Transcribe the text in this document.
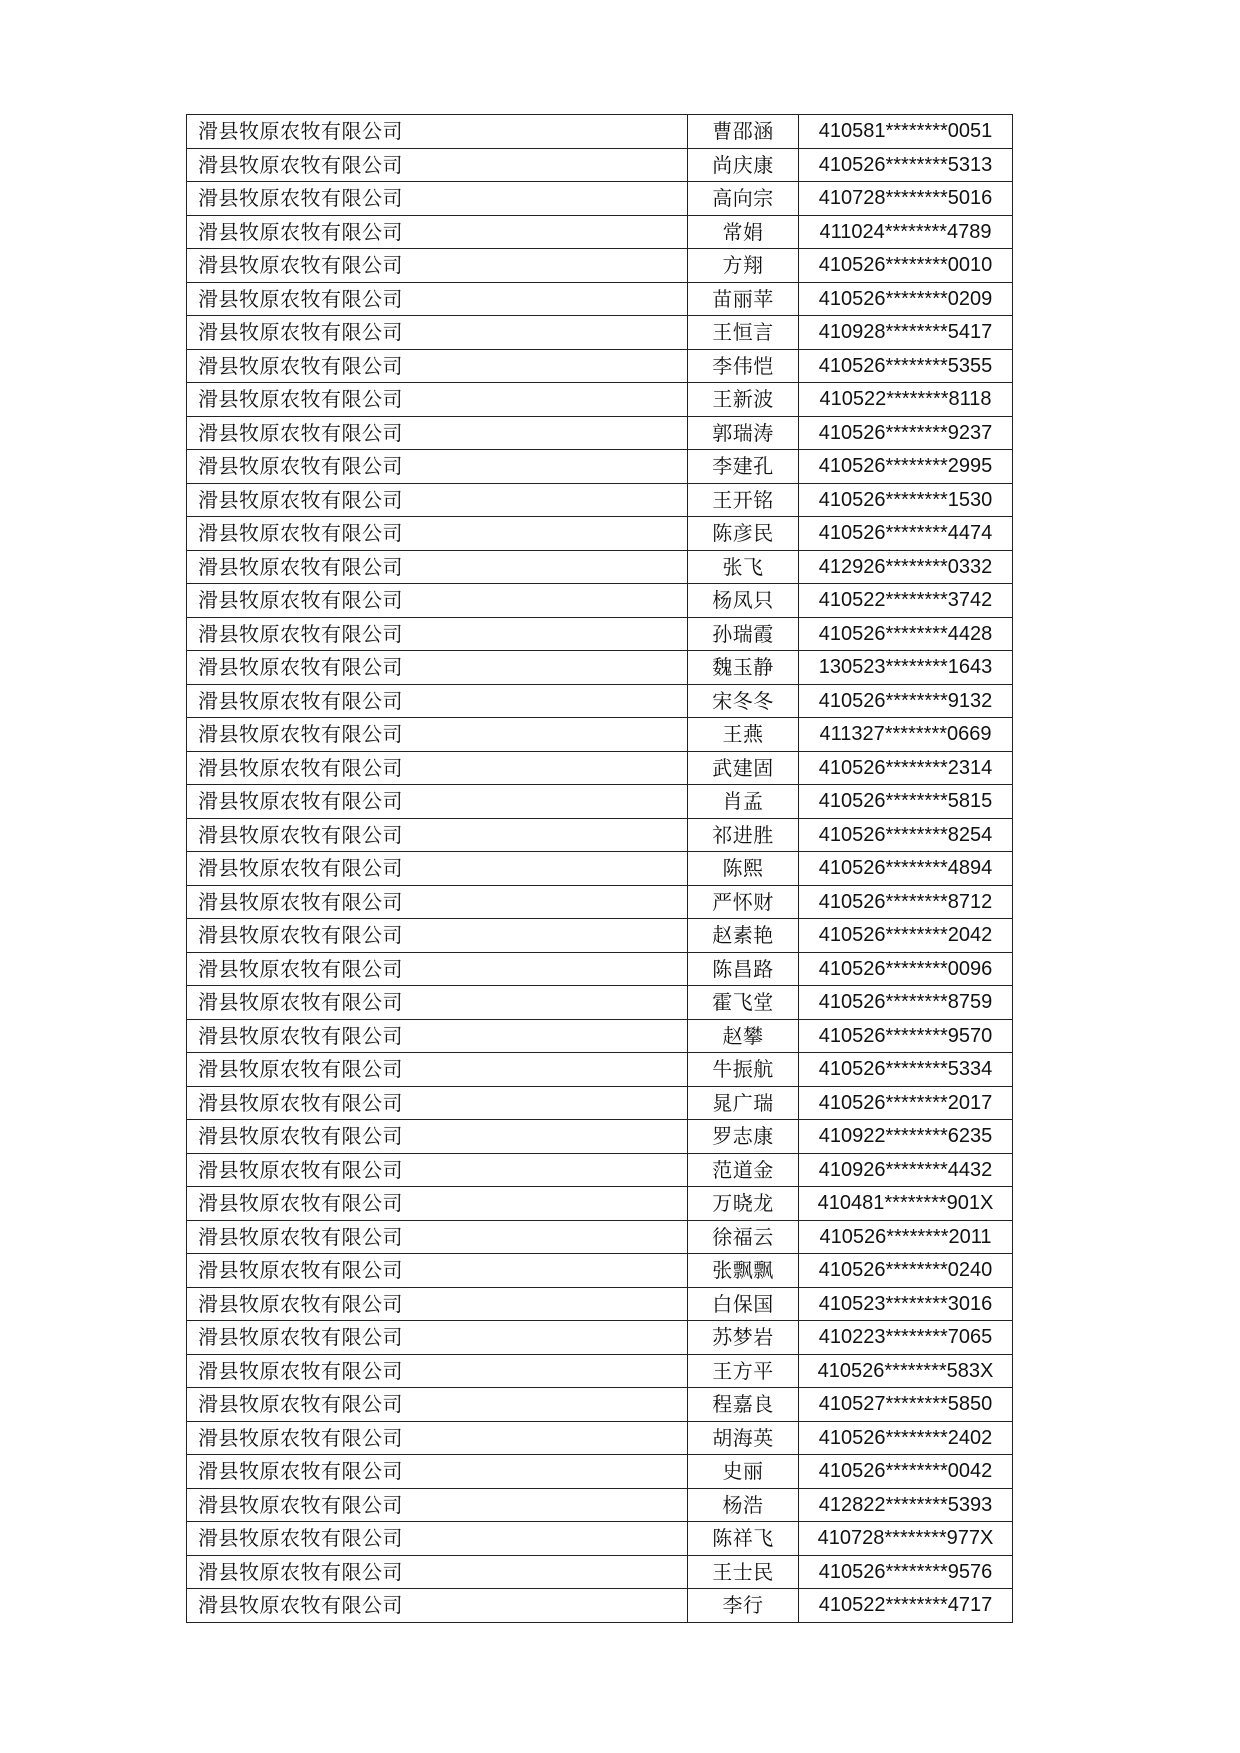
滑县牧原农牧有限公司	曹邵涵	410581********0051
滑县牧原农牧有限公司	尚庆康	410526********5313
滑县牧原农牧有限公司	高向宗	410728********5016
滑县牧原农牧有限公司	常娟	411024********4789
滑县牧原农牧有限公司	方翔	410526********0010
滑县牧原农牧有限公司	苗丽苹	410526********0209
滑县牧原农牧有限公司	王恒言	410928********5417
滑县牧原农牧有限公司	李伟恺	410526********5355
滑县牧原农牧有限公司	王新波	410522********8118
滑县牧原农牧有限公司	郭瑞涛	410526********9237
滑县牧原农牧有限公司	李建孔	410526********2995
滑县牧原农牧有限公司	王开铭	410526********1530
滑县牧原农牧有限公司	陈彦民	410526********4474
滑县牧原农牧有限公司	张飞	412926********0332
滑县牧原农牧有限公司	杨凤只	410522********3742
滑县牧原农牧有限公司	孙瑞霞	410526********4428
滑县牧原农牧有限公司	魏玉静	130523********1643
滑县牧原农牧有限公司	宋冬冬	410526********9132
滑县牧原农牧有限公司	王燕	411327********0669
滑县牧原农牧有限公司	武建固	410526********2314
滑县牧原农牧有限公司	肖孟	410526********5815
滑县牧原农牧有限公司	祁进胜	410526********8254
滑县牧原农牧有限公司	陈熙	410526********4894
滑县牧原农牧有限公司	严怀财	410526********8712
滑县牧原农牧有限公司	赵素艳	410526********2042
滑县牧原农牧有限公司	陈昌路	410526********0096
滑县牧原农牧有限公司	霍飞堂	410526********8759
滑县牧原农牧有限公司	赵攀	410526********9570
滑县牧原农牧有限公司	牛振航	410526********5334
滑县牧原农牧有限公司	晁广瑞	410526********2017
滑县牧原农牧有限公司	罗志康	410922********6235
滑县牧原农牧有限公司	范道金	410926********4432
滑县牧原农牧有限公司	万晓龙	410481********901X
滑县牧原农牧有限公司	徐福云	410526********2011
滑县牧原农牧有限公司	张飘飘	410526********0240
滑县牧原农牧有限公司	白保国	410523********3016
滑县牧原农牧有限公司	苏梦岩	410223********7065
滑县牧原农牧有限公司	王方平	410526********583X
滑县牧原农牧有限公司	程嘉良	410527********5850
滑县牧原农牧有限公司	胡海英	410526********2402
滑县牧原农牧有限公司	史丽	410526********0042
滑县牧原农牧有限公司	杨浩	412822********5393
滑县牧原农牧有限公司	陈祥飞	410728********977X
滑县牧原农牧有限公司	王士民	410526********9576
滑县牧原农牧有限公司	李行	410522********4717
